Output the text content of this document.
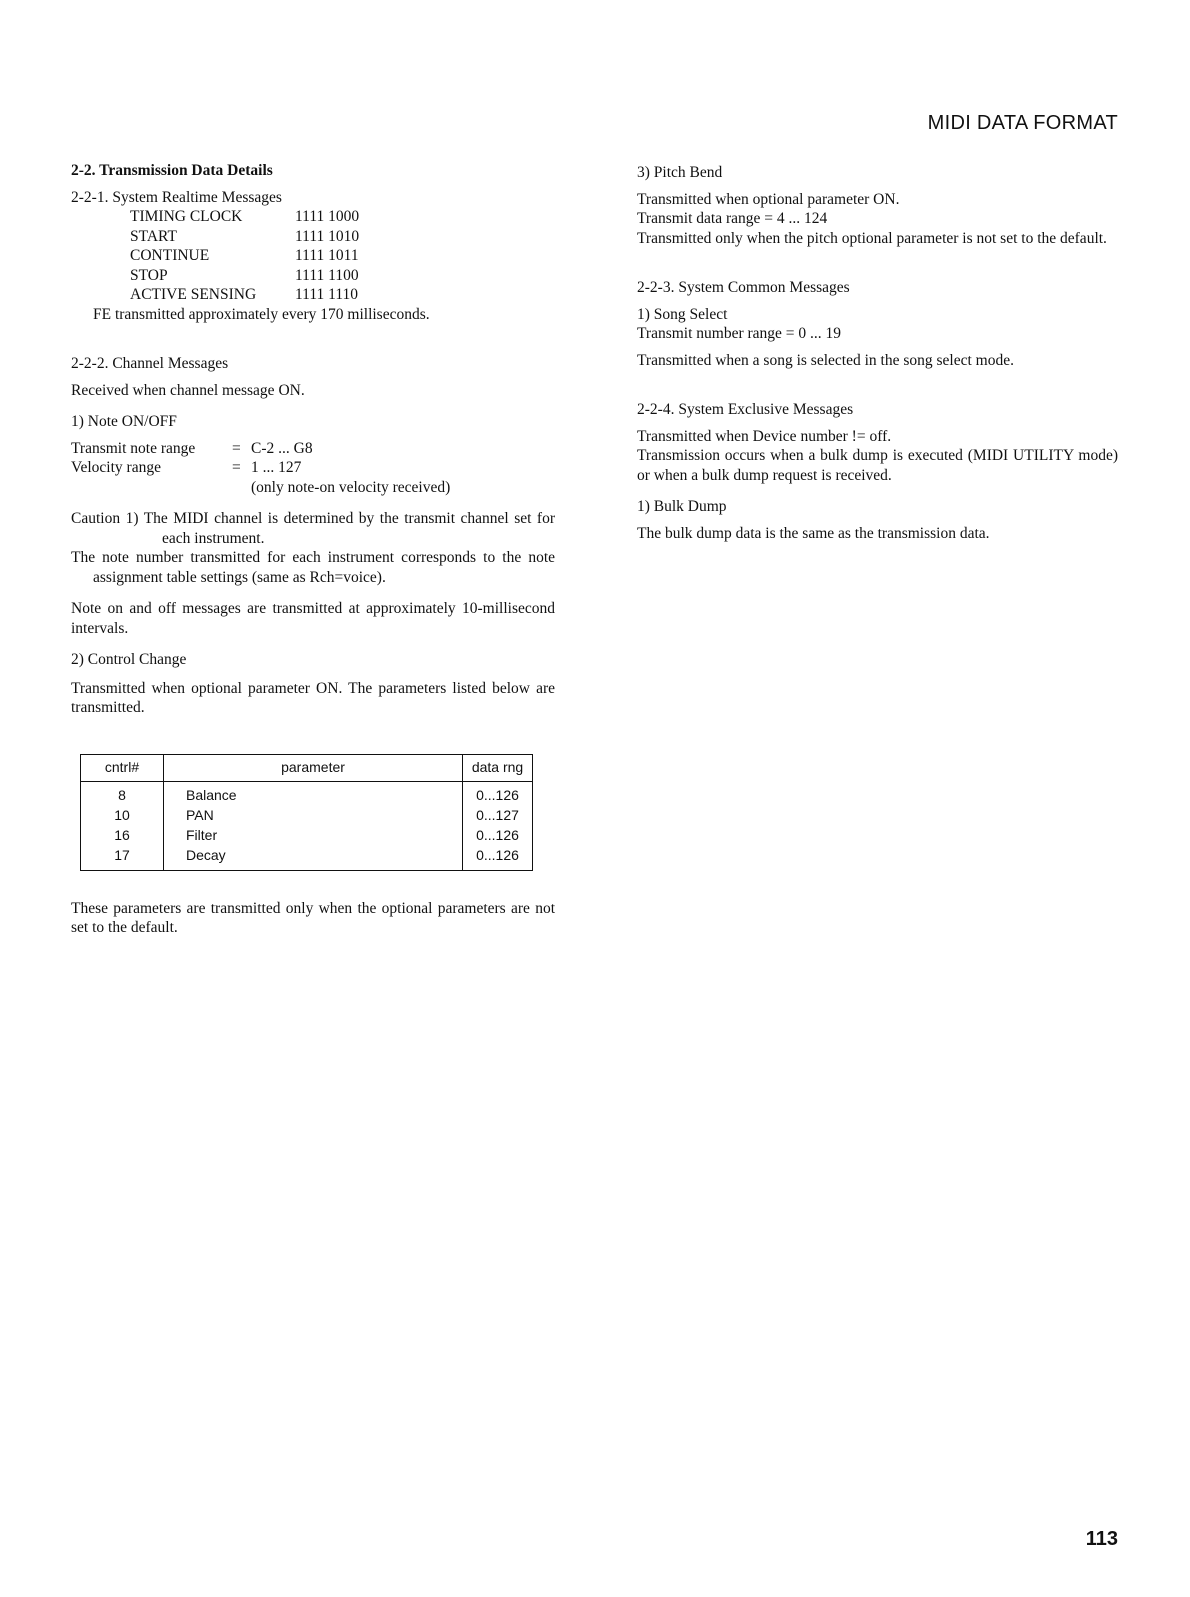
MIDI DATA FORMAT

2-2. Transmission Data Details

2-2-1. System Realtime Messages

TIMING CLOCK	1111 1000
START	1111 1010
CONTINUE	1111 1011
STOP	1111 1100
ACTIVE SENSING	1111 1110

FE transmitted approximately every 170 milliseconds.

2-2-2. Channel Messages

Received when channel message ON.

1) Note ON/OFF

Transmit note range	= C-2 ... G8
Velocity range	= 1 ... 127
(only note-on velocity received)

Caution 1) The MIDI channel is determined by the transmit channel set for each instrument.

The note number transmitted for each instrument corresponds to the note assignment table settings (same as Rch=voice).

Note on and off messages are transmitted at approximately 10-millisecond intervals.

2) Control Change

Transmitted when optional parameter ON. The parameters listed below are transmitted.

cntrl#	parameter	data rng
8	Balance	0...126
10	PAN	0...127
16	Filter	0...126
17	Decay	0...126

These parameters are transmitted only when the optional parameters are not set to the default.

3) Pitch Bend

Transmitted when optional parameter ON.

Transmit data range = 4 ... 124

Transmitted only when the pitch optional parameter is not set to the default.

2-2-3. System Common Messages

1) Song Select

Transmit number range = 0 ... 19

Transmitted when a song is selected in the song select mode.

2-2-4. System Exclusive Messages

Transmitted when Device number != off.

Transmission occurs when a bulk dump is executed (MIDI UTILITY mode) or when a bulk dump request is received.

1) Bulk Dump

The bulk dump data is the same as the transmission data.

113
